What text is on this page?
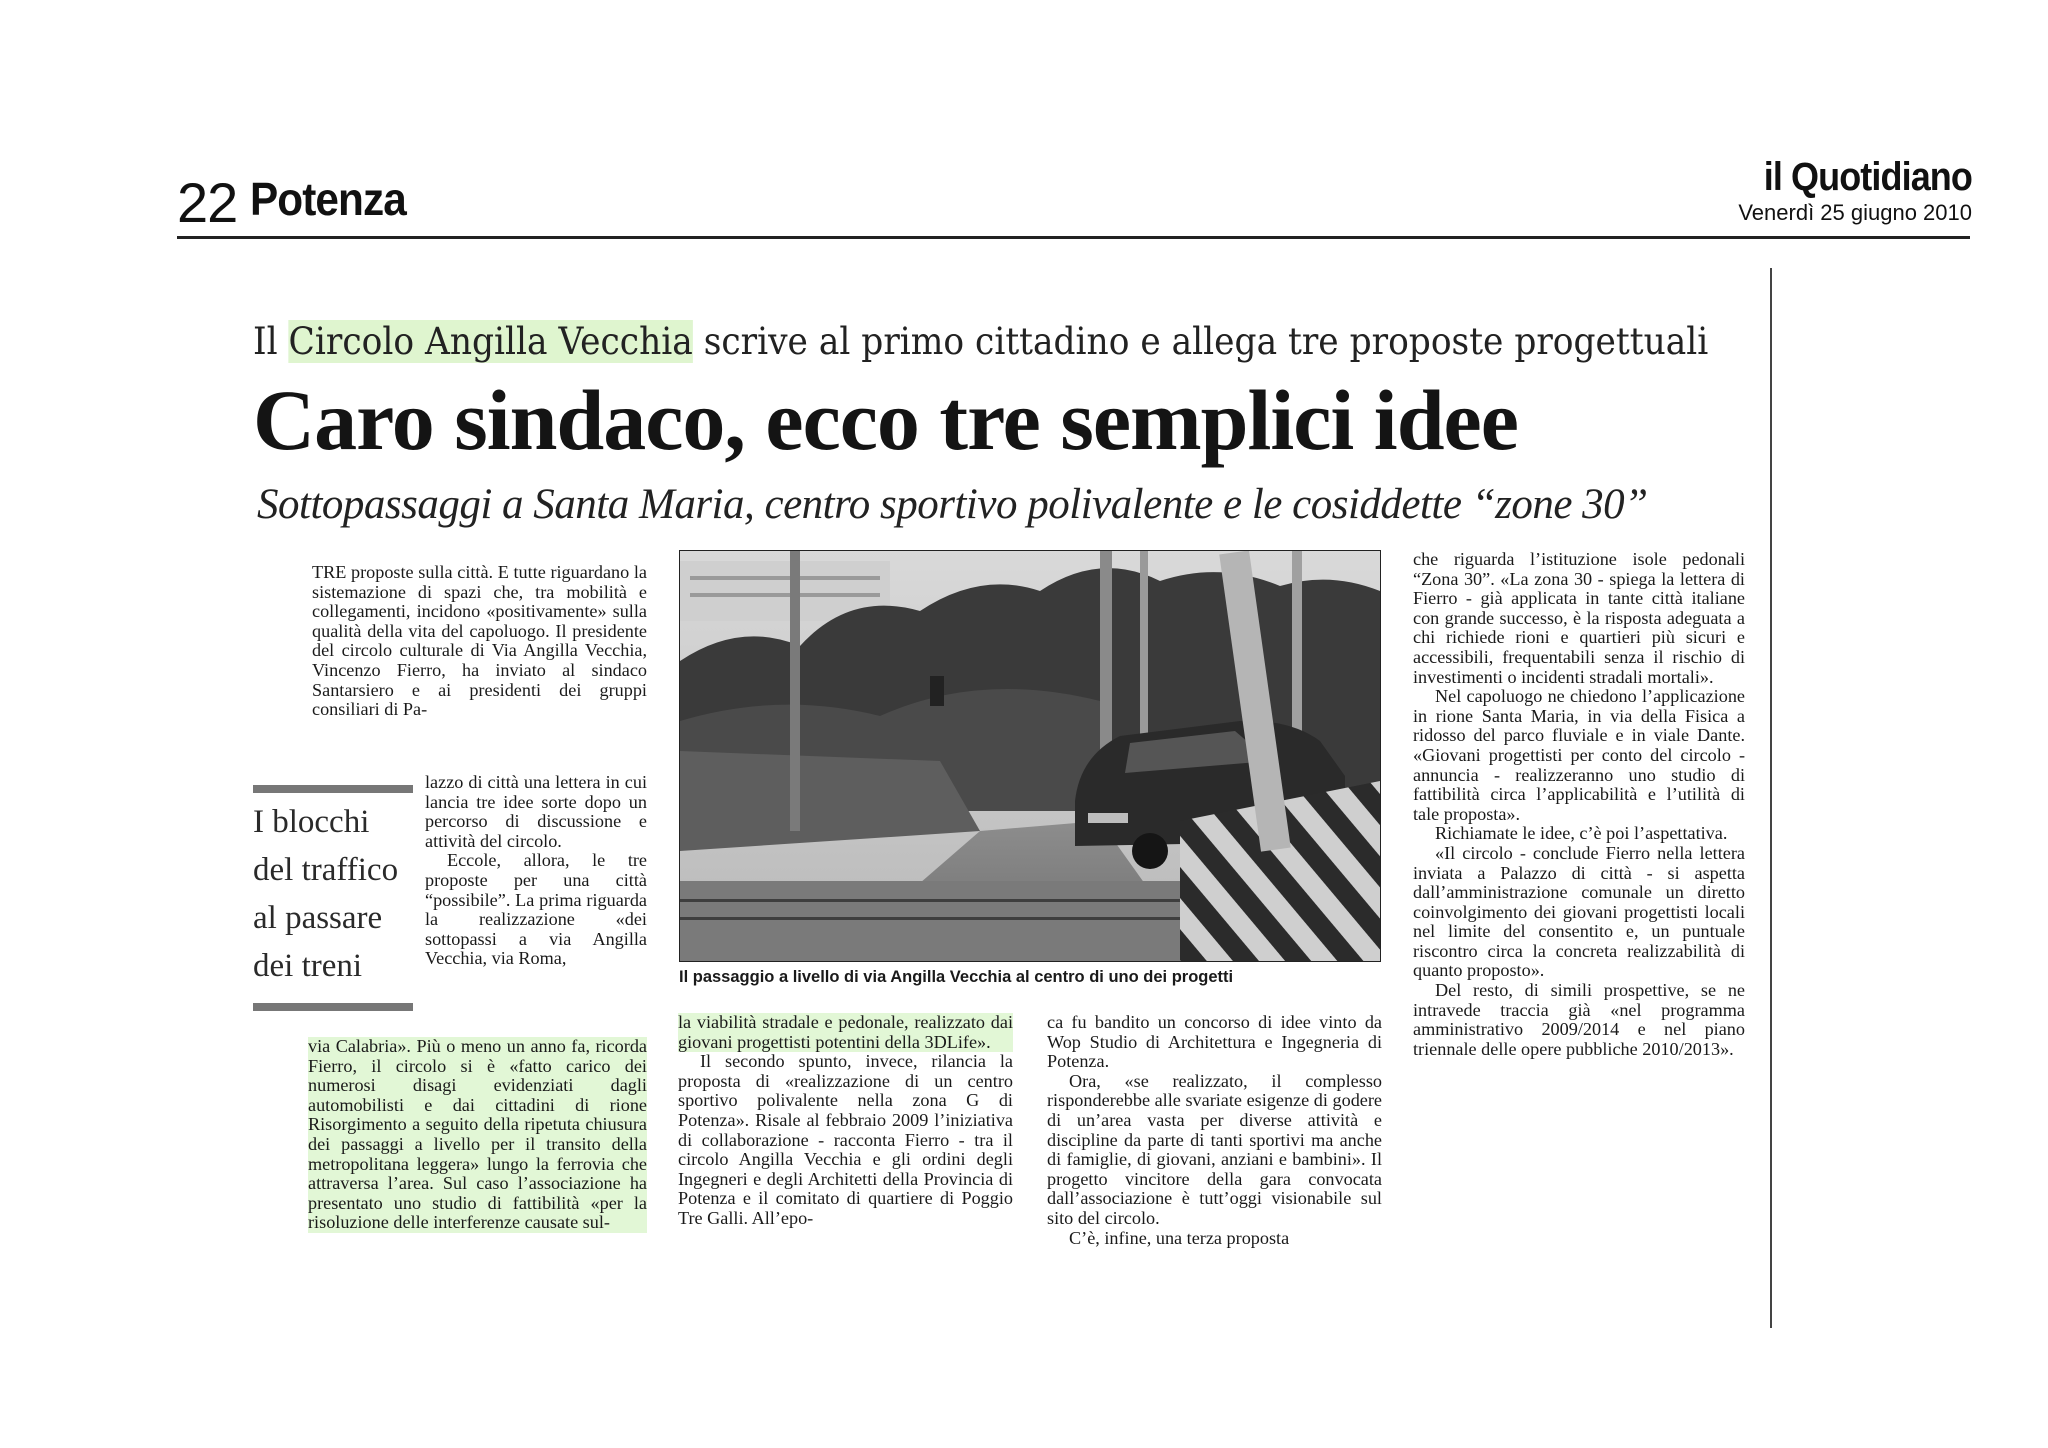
22 Potenza	il Quotidiano
Venerdì 25 giugno 2010
Il Circolo Angilla Vecchia scrive al primo cittadino e allega tre proposte progettuali
Caro sindaco, ecco tre semplici idee
Sottopassaggi a Santa Maria, centro sportivo polivalente e le cosiddette “zone 30”

TRE proposte sulla città. E tutte riguardano la sistemazione di spazi che, tra mobilità e collegamenti, incidono «positivamente» sulla qualità della vita del capoluogo. Il presidente del circolo culturale di Via Angilla Vecchia, Vincenzo Fierro, ha inviato al sindaco Santarsiero e ai presidenti dei gruppi consiliari di Pa-

lazzo di città una lettera in cui lancia tre idee sorte dopo un percorso di discussione e attività del circolo.

Eccole, allora, le tre proposte per una città “possibile”. La prima riguarda la realizzazione «dei sottopassi a via Angilla Vecchia, via Roma,

via Calabria». Più o meno un anno fa, ricorda Fierro, il circolo si è «fatto carico dei numerosi disagi evidenziati dagli automobilisti e dai cittadini di rione Risorgimento a seguito della ripetuta chiusura dei passaggi a livello per il transito della metropolitana leggera» lungo la ferrovia che attraversa l’area. Sul caso l’associazione ha presentato uno studio di fattibilità «per la risoluzione delle interferenze causate sul-

I blocchi
del traffico
al passare
dei treni	Il passaggio a livello di via Angilla Vecchia al centro di uno dei progetti

la viabilità stradale e pedonale, realizzato dai giovani progettisti potentini della 3DLife».

Il secondo spunto, invece, rilancia la proposta di «realizzazione di un centro sportivo polivalente nella zona G di Potenza». Risale al febbraio 2009 l’iniziativa di collaborazione - racconta Fierro - tra il circolo Angilla Vecchia e gli ordini degli Ingegneri e degli Architetti della Provincia di Potenza e il comitato di quartiere di Poggio Tre Galli. All’epo-

ca fu bandito un concorso di idee vinto da Wop Studio di Architettura e Ingegneria di Potenza.

Ora, «se realizzato, il complesso risponderebbe alle svariate esigenze di godere di un’area vasta per diverse attività e discipline da parte di tanti sportivi ma anche di famiglie, di giovani, anziani e bambini». Il progetto vincitore della gara convocata dall’associazione è tutt’oggi visionabile sul sito del circolo.

C’è, infine, una terza proposta

che riguarda l’istituzione isole pedonali “Zona 30”. «La zona 30 - spiega la lettera di Fierro - già applicata in tante città italiane con grande successo, è la risposta adeguata a chi richiede rioni e quartieri più sicuri e accessibili, frequentabili senza il rischio di investimenti o incidenti stradali mortali».

Nel capoluogo ne chiedono l’applicazione in rione Santa Maria, in via della Fisica a ridosso del parco fluviale e in viale Dante. «Giovani progettisti per conto del circolo - annuncia - realizzeranno uno studio di fattibilità circa l’applicabilità e l’utilità di tale proposta».

Richiamate le idee, c’è poi l’aspettativa.

«Il circolo - conclude Fierro nella lettera inviata a Palazzo di città - si aspetta dall’amministrazione comunale un diretto coinvolgimento dei giovani progettisti locali nel limite del consentito e, un puntuale riscontro circa la concreta realizzabilità di quanto proposto».

Del resto, di simili prospettive, se ne intravede traccia già «nel programma amministrativo 2009/2014 e nel piano triennale delle opere pubbliche 2010/2013».
